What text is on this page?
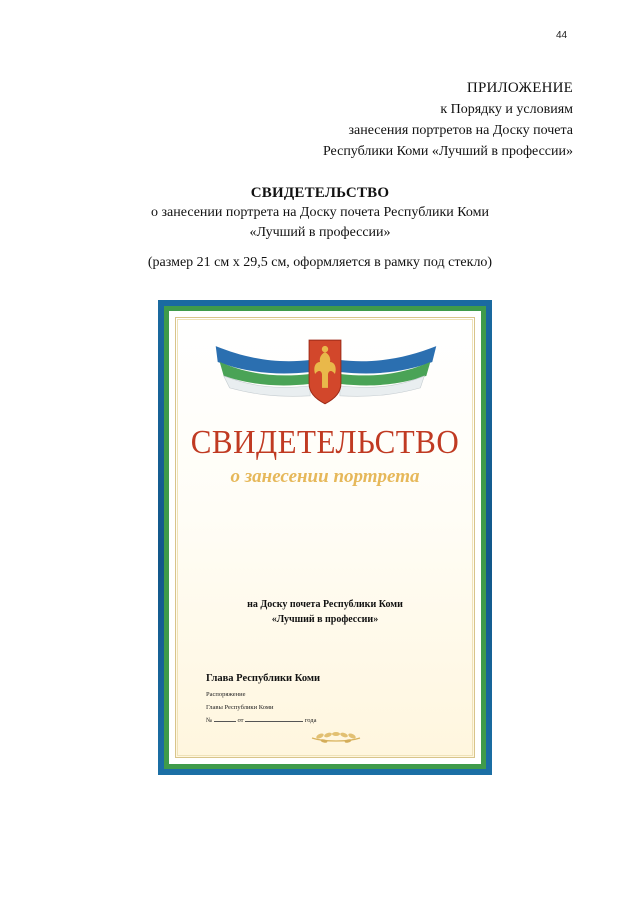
44
ПРИЛОЖЕНИЕ
к Порядку и условиям
занесения портретов на Доску почета
Республики Коми «Лучший в профессии»
СВИДЕТЕЛЬСТВО
о занесении портрета на Доску почета Республики Коми
«Лучший в профессии»
(размер 21 см х 29,5 см, оформляется в рамку под стекло)
СВИДЕТЕЛЬСТВО
о занесении портрета
на Доску почета Республики Коми
«Лучший в профессии»
Глава Республики Коми
Распоряжение
Главы Республики Коми
№	от	года
